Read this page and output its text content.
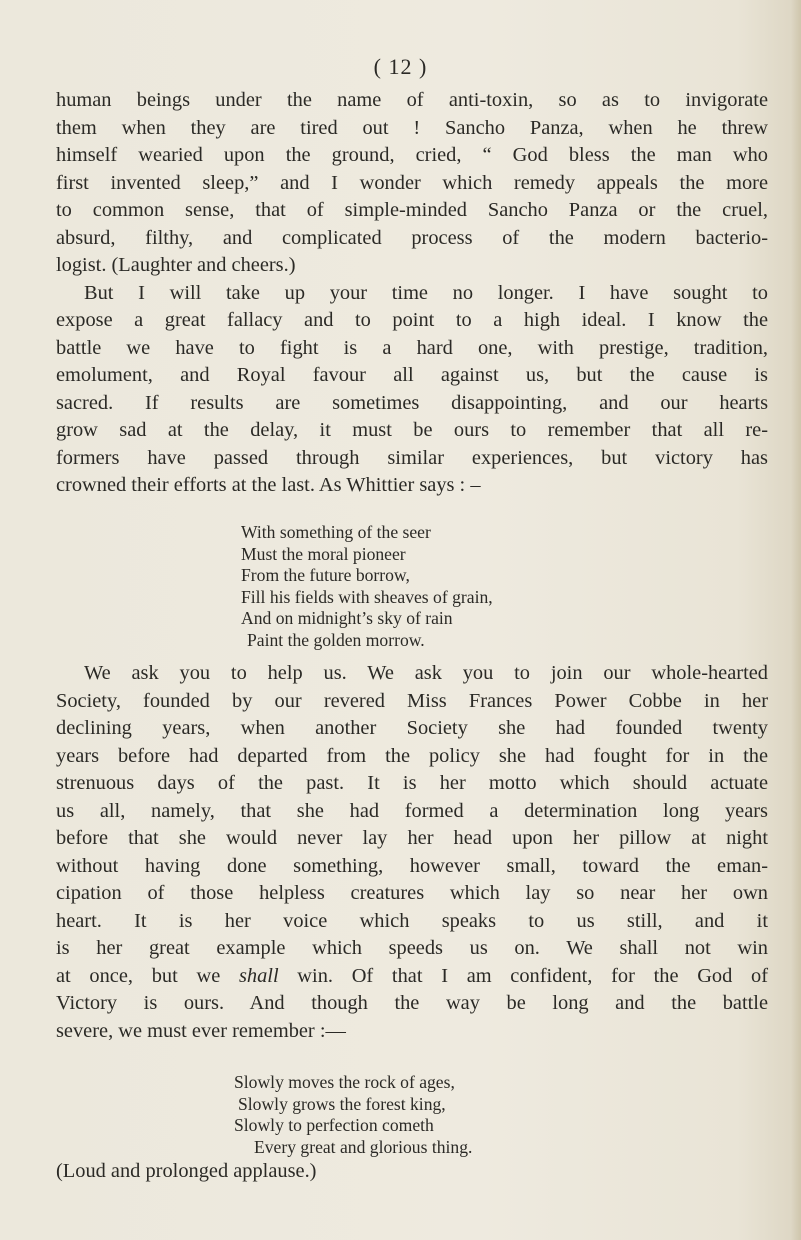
( 12 )

human beings under the name of anti-toxin, so as to invigorate
them when they are tired out ! Sancho Panza, when he threw
himself wearied upon the ground, cried, “ God bless the man who
first invented sleep,” and I wonder which remedy appeals the more
to common sense, that of simple-minded Sancho Panza or the cruel,
absurd, filthy, and complicated process of the modern bacterio-
logist. (Laughter and cheers.)

But I will take up your time no longer. I have sought to
expose a great fallacy and to point to a high ideal. I know the
battle we have to fight is a hard one, with prestige, tradition,
emolument, and Royal favour all against us, but the cause is
sacred. If results are sometimes disappointing, and our hearts
grow sad at the delay, it must be ours to remember that all re-
formers have passed through similar experiences, but victory has
crowned their efforts at the last. As Whittier says : –

With something of the seer
Must the moral pioneer
From the future borrow,
Fill his fields with sheaves of grain,
And on midnight’s sky of rain
Paint the golden morrow.

We ask you to help us. We ask you to join our whole-hearted
Society, founded by our revered Miss Frances Power Cobbe in her
declining years, when another Society she had founded twenty
years before had departed from the policy she had fought for in the
strenuous days of the past. It is her motto which should actuate
us all, namely, that she had formed a determination long years
before that she would never lay her head upon her pillow at night
without having done something, however small, toward the eman-
cipation of those helpless creatures which lay so near her own
heart. It is her voice which speaks to us still, and it
is her great example which speeds us on. We shall not win
at once, but we shall win. Of that I am confident, for the God of
Victory is ours. And though the way be long and the battle
severe, we must ever remember :—

Slowly moves the rock of ages,
Slowly grows the forest king,
Slowly to perfection cometh
Every great and glorious thing.
(Loud and prolonged applause.)
